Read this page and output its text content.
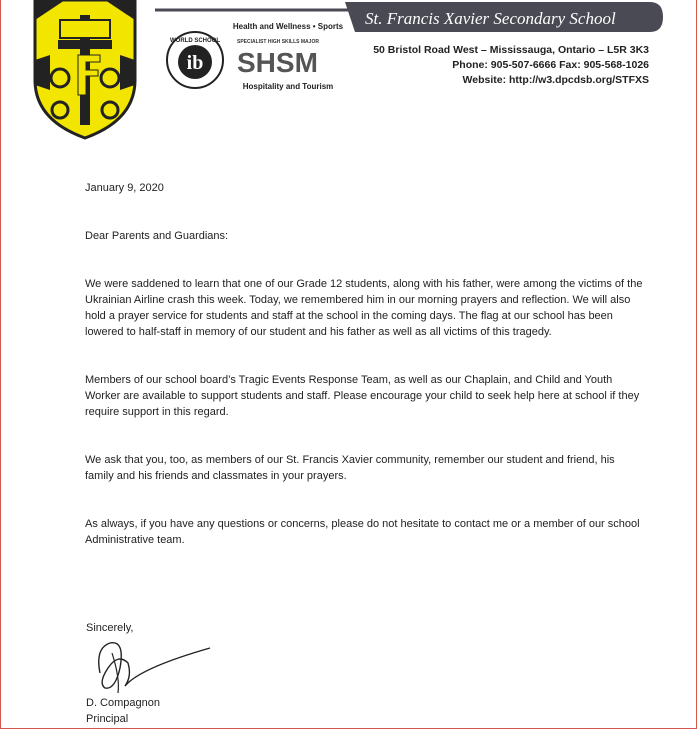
ib
WORLD SCHOOL
Health and Wellness • Sports
SPECIALIST HIGH SKILLS MAJOR
SHSM
Hospitality and Tourism
St. Francis Xavier Secondary School
50 Bristol Road West – Mississauga, Ontario – L5R 3K3
Phone: 905-507-6666 Fax: 905-568-1026
Website: http://w3.dpcdsb.org/STFXS

January 9, 2020

Dear Parents and Guardians:

We were saddened to learn that one of our Grade 12 students, along with his father, were among the victims of the Ukrainian Airline crash this week. Today, we remembered him in our morning prayers and reflection. We will also hold a prayer service for students and staff at the school in the coming days. The flag at our school has been lowered to half-staff in memory of our student and his father as well as all victims of this tragedy.

Members of our school board’s Tragic Events Response Team, as well as our Chaplain, and Child and Youth Worker are available to support students and staff. Please encourage your child to seek help here at school if they require support in this regard.

We ask that you, too, as members of our St. Francis Xavier community, remember our student and friend, his family and his friends and classmates in your prayers.

As always, if you have any questions or concerns, please do not hesitate to contact me or a member of our school Administrative team.

Sincerely,
D. Compagnon
Principal
